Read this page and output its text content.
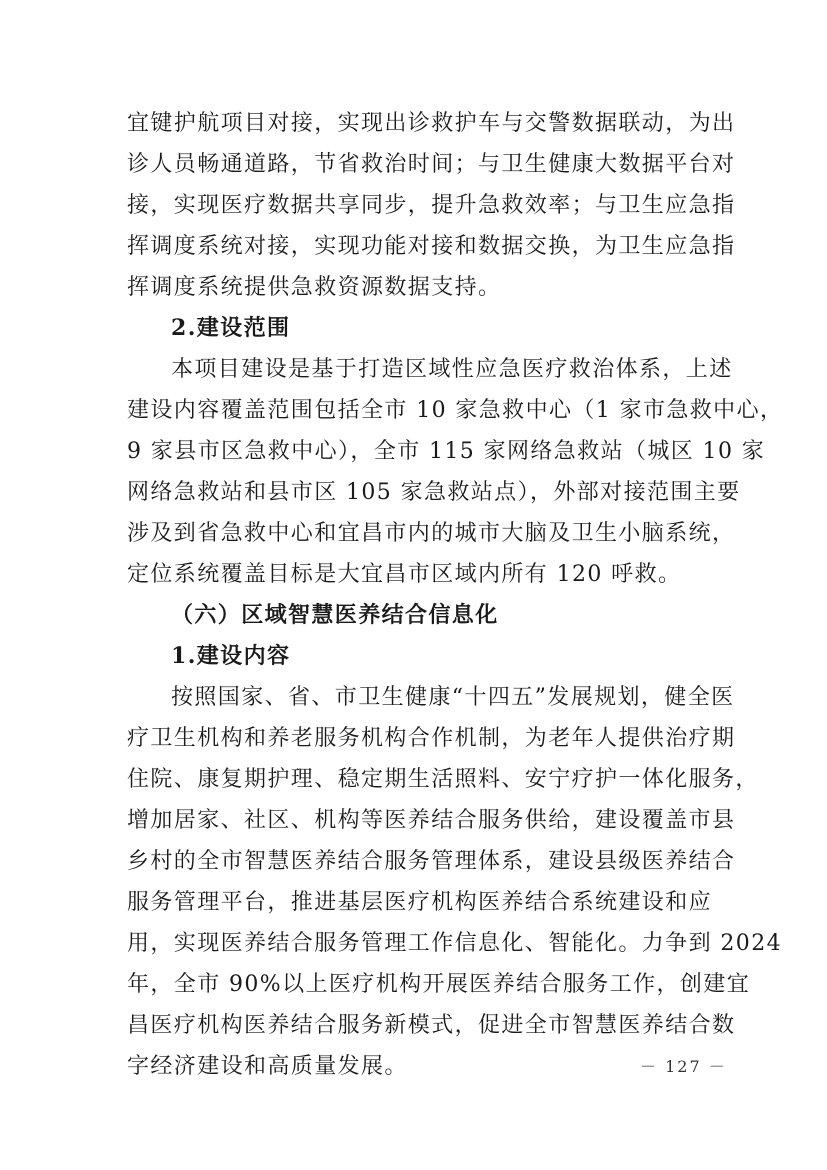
宜键护航项目对接，实现出诊救护车与交警数据联动，为出
诊人员畅通道路，节省救治时间；与卫生健康大数据平台对
接，实现医疗数据共享同步，提升急救效率；与卫生应急指
挥调度系统对接，实现功能对接和数据交换，为卫生应急指
挥调度系统提供急救资源数据支持。
2.建设范围
本项目建设是基于打造区域性应急医疗救治体系，上述
建设内容覆盖范围包括全市 10 家急救中心（1 家市急救中心，
9 家县市区急救中心），全市 115 家网络急救站（城区 10 家
网络急救站和县市区 105 家急救站点），外部对接范围主要
涉及到省急救中心和宜昌市内的城市大脑及卫生小脑系统，
定位系统覆盖目标是大宜昌市区域内所有 120 呼救。
（六）区域智慧医养结合信息化
1.建设内容
按照国家、省、市卫生健康“十四五”发展规划，健全医
疗卫生机构和养老服务机构合作机制，为老年人提供治疗期
住院、康复期护理、稳定期生活照料、安宁疗护一体化服务，
增加居家、社区、机构等医养结合服务供给，建设覆盖市县
乡村的全市智慧医养结合服务管理体系，建设县级医养结合
服务管理平台，推进基层医疗机构医养结合系统建设和应
用，实现医养结合服务管理工作信息化、智能化。力争到 2024
年，全市 90%以上医疗机构开展医养结合服务工作，创建宜
昌医疗机构医养结合服务新模式，促进全市智慧医养结合数
字经济建设和高质量发展。	－ 127 －
